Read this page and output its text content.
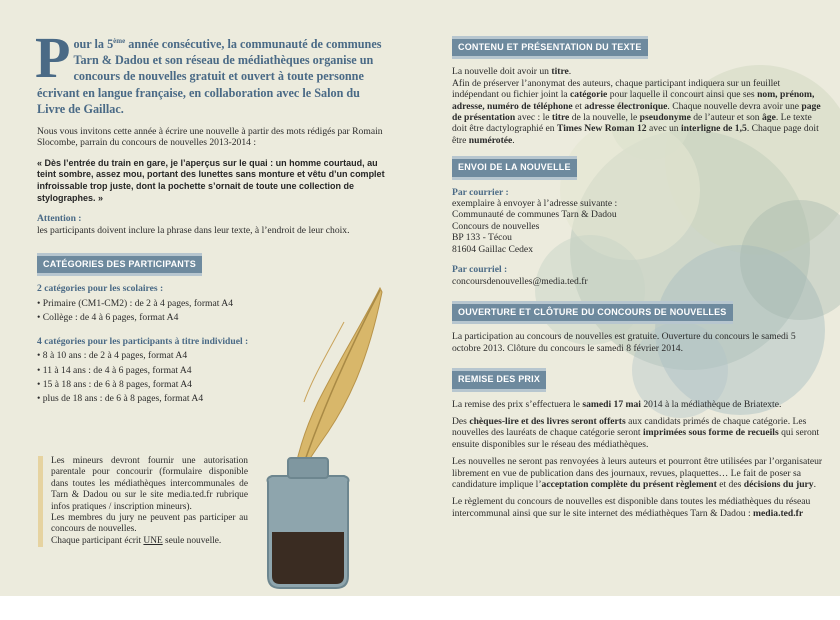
Pour la 5ème année consécutive, la communauté de communes Tarn & Dadou et son réseau de médiathèques organise un concours de nouvelles gratuit et ouvert à toute personne écrivant en langue française, en collaboration avec le Salon du Livre de Gaillac.
Nous vous invitons cette année à écrire une nouvelle à partir des mots rédigés par Romain Slocombe, parrain du concours de nouvelles 2013-2014 :
« Dès l’entrée du train en gare, je l’aperçus sur le quai : un homme courtaud, au teint sombre, assez mou, portant des lunettes sans monture et vêtu d’un complet infroissable trop juste, dont la pochette s’ornait de toute une collection de stylographes. »
Attention :
les participants doivent inclure la phrase dans leur texte, à l’endroit de leur choix.
CATÉGORIES DES PARTICIPANTS
2 catégories pour les scolaires :
• Primaire (CM1-CM2) : de 2 à 4 pages, format A4
• Collège : de 4 à 6 pages, format A4
4 catégories pour les participants à titre individuel :
• 8 à 10 ans : de 2 à 4 pages, format A4
• 11 à 14 ans : de 4 à 6 pages, format A4
• 15 à 18 ans : de 6 à 8 pages, format A4
• plus de 18 ans : de 6 à 8 pages, format A4
Les mineurs devront fournir une autorisation parentale pour concourir (formulaire disponible dans toutes les médiathèques intercommunales de Tarn & Dadou ou sur le site media.ted.fr rubrique infos pratiques / inscription mineurs).
Les membres du jury ne peuvent pas participer au concours de nouvelles.
Chaque participant écrit UNE seule nouvelle.
CONTENU ET PRÉSENTATION DU TEXTE
La nouvelle doit avoir un titre.
Afin de préserver l’anonymat des auteurs, chaque participant indiquera sur un feuillet indépendant ou fichier joint la catégorie pour laquelle il concourt ainsi que ses nom, prénom, adresse, numéro de téléphone et adresse électronique. Chaque nouvelle devra avoir une page de présentation avec : le titre de la nouvelle, le pseudonyme de l’auteur et son âge. Le texte doit être dactylographié en Times New Roman 12 avec un interligne de 1,5. Chaque page doit être numérotée.
ENVOI DE LA NOUVELLE
Par courrier :
exemplaire à envoyer à l’adresse suivante :
Communauté de communes Tarn & Dadou
Concours de nouvelles
BP 133 - Técou
81604 Gaillac Cedex
Par courriel :
concoursdenouvelles@media.ted.fr
OUVERTURE ET CLÔTURE DU CONCOURS DE NOUVELLES
La participation au concours de nouvelles est gratuite. Ouverture du concours le samedi 5 octobre 2013. Clôture du concours le samedi 8 février 2014.
REMISE DES PRIX
La remise des prix s’effectuera le samedi 17 mai 2014 à la médiathèque de Briatexte.
Des chèques-lire et des livres seront offerts aux candidats primés de chaque catégorie. Les nouvelles des lauréats de chaque catégorie seront imprimées sous forme de recueils qui seront ensuite disponibles sur le réseau des médiathèques.
Les nouvelles ne seront pas renvoyées à leurs auteurs et pourront être utilisées par l’organisateur librement en vue de publication dans des journaux, revues, plaquettes… Le fait de poser sa candidature implique l’acceptation complète du présent règlement et des décisions du jury.
Le règlement du concours de nouvelles est disponible dans toutes les médiathèques du réseau intercommunal ainsi que sur le site internet des médiathèques Tarn & Dadou : media.ted.fr
